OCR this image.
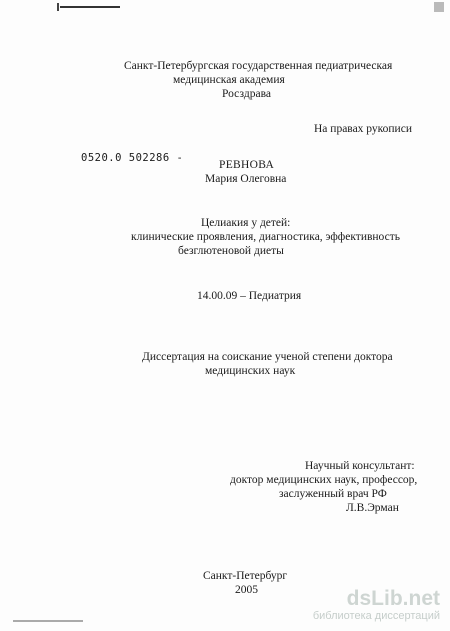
Санкт-Петербургская государственная педиатрическая
медицинская академия
Росздрава
На правах рукописи
0520.0 502286 -
РЕВНОВА
Мария Олеговна
Целиакия у детей:
клинические проявления, диагностика, эффективность
безглютеновой диеты
14.00.09 – Педиатрия
Диссертация на соискание ученой степени доктора
медицинских наук
Научный консультант:
доктор медицинских наук, профессор,
заслуженный врач РФ
Л.В.Эрман
Санкт-Петербург
2005	dsLib.net
библиотека диссертаций
